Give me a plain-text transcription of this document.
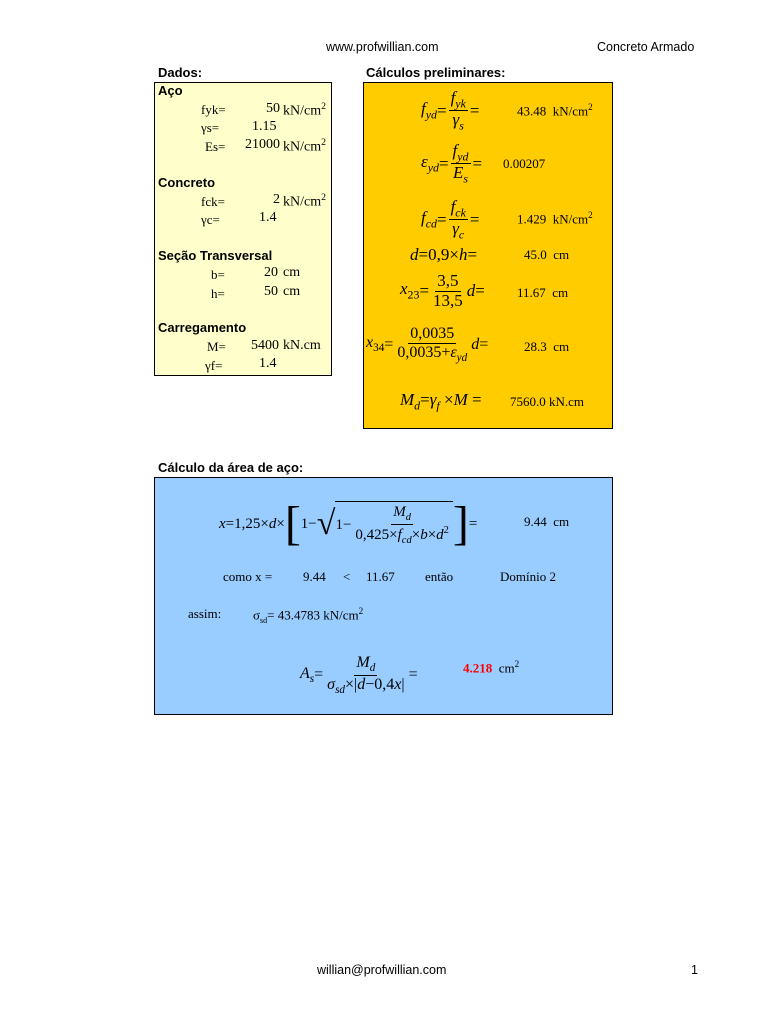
www.profwillian.com	Concreto Armado
Dados:	Cálculos preliminares:
Aço
fyk=	50 $kN/cm^2$
γs= 1.15
Es=	21000 $kN/cm^2$
Concreto
fck=	2 $kN/cm^2$
γc=	1.4
Seção Transversal
b=	20 cm
h=	50 cm
Carregamento
M=	5400 kN.cm
γf=	1.4
$f_{yd} = \frac{f_{yk}}{\gamma_s}$ =	43.48 $kN/cm^2$
$\varepsilon_{yd} = \frac{f_{yd}}{E_s} = 0.00207$
$f_{cd} = \frac{f_{ck}}{\gamma_c}$ =	1.429 $kN/cm^2$
d=0,9×h=	45.0 cm
$x_{23} = \frac{3,5}{13,5}$ d = 11.67 cm
$x_{34} = \frac{0,0035}{0,0035+\varepsilon_{yd}}$ d =	28.3 cm
$M_d=\gamma_f \times M = 7560.0$ kN.cm
Cálculo da área de aço:
x=1,25×d× [ 1− √ $1- \frac{M_d}{0,425\times f_{cd}\times b\times d^2}$ ] =	9.44 cm
como x = 9.44 < 11.67 então	Domínio 2
assim: $\sigma_{sd}= 43.4783$ $kN/cm^2$
$A_s = \frac{M_d}{\sigma_{sd}\times|d-0,4x|}$ =	4.218 $cm^2$
willian@profwillian.com	1
